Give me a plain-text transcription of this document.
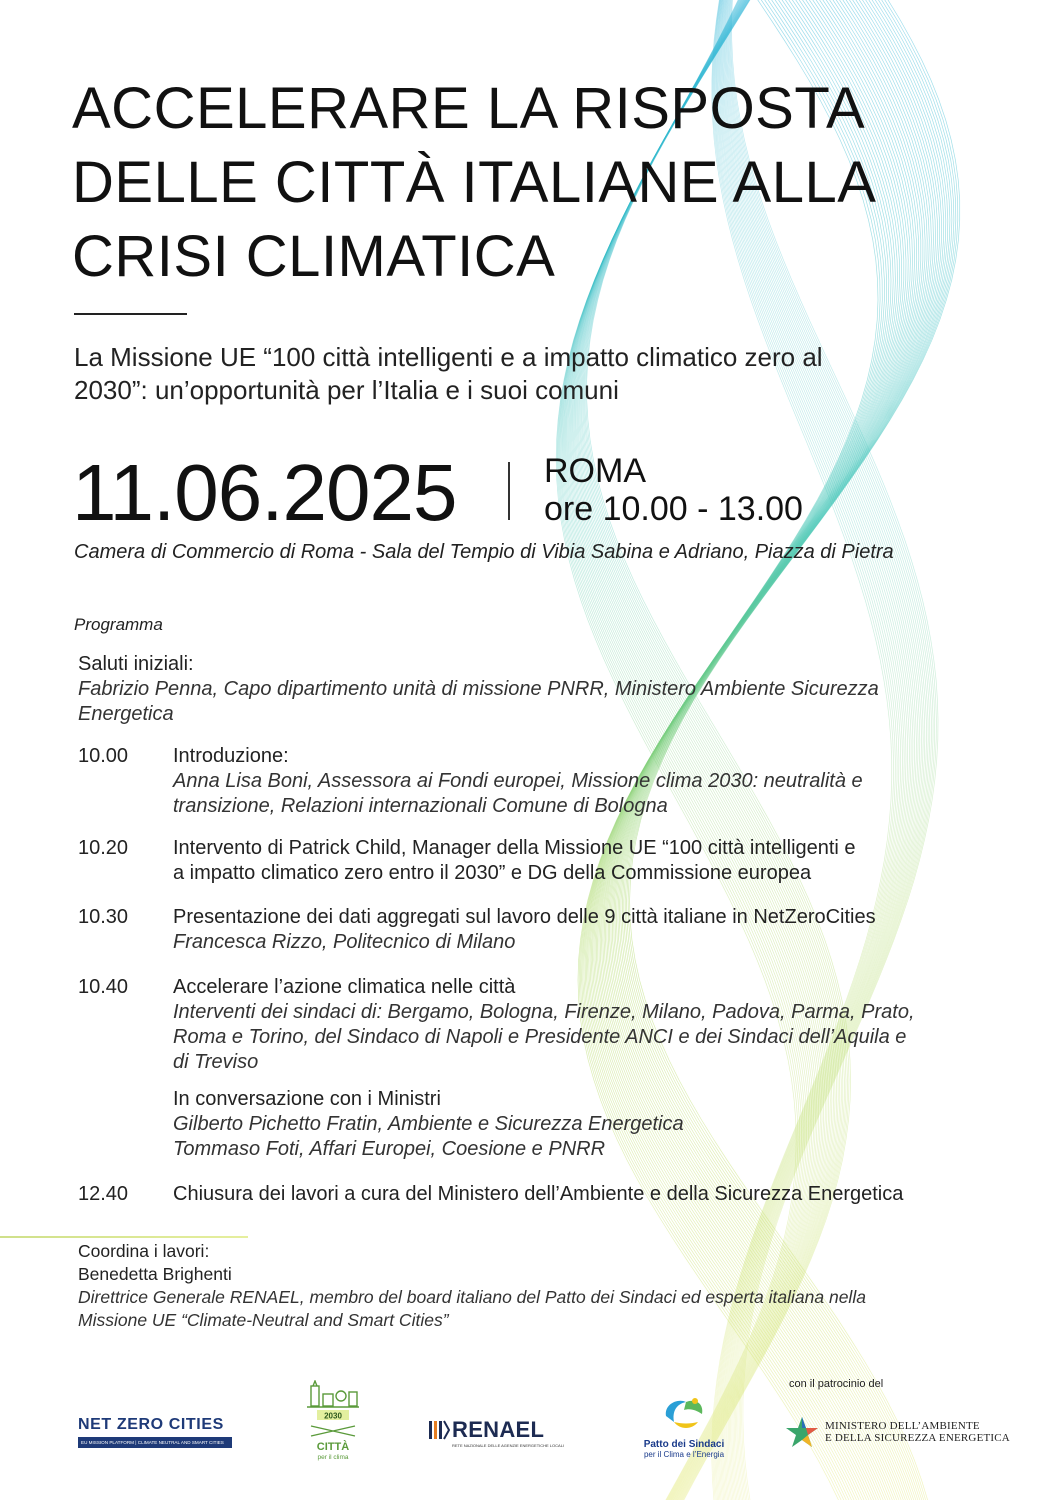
ACCELERARE LA RISPOSTA
DELLE CITTÀ ITALIANE ALLA
CRISI CLIMATICA

La Missione UE “100 città intelligenti e a impatto climatico zero al
2030”: un’opportunità per l’Italia e i suoi comuni

11.06.2025	ROMA
ore 10.00 - 13.00
Camera di Commercio di Roma - Sala del Tempio di Vibia Sabina e Adriano, Piazza di Pietra
Programma
Saluti iniziali:
Fabrizio Penna, Capo dipartimento unità di missione PNRR, Ministero Ambiente Sicurezza
Energetica
10.00	Introduzione:
Anna Lisa Boni, Assessora ai Fondi europei, Missione clima 2030: neutralità e
transizione, Relazioni internazionali Comune di Bologna
10.20	Intervento di Patrick Child, Manager della Missione UE “100 città intelligenti e
a impatto climatico zero entro il 2030” e DG della Commissione europea
10.30	Presentazione dei dati aggregati sul lavoro delle 9 città italiane in NetZeroCities
Francesca Rizzo, Politecnico di Milano
10.40	Accelerare l’azione climatica nelle città
Interventi dei sindaci di: Bergamo, Bologna, Firenze, Milano, Padova, Parma, Prato,
Roma e Torino, del Sindaco di Napoli e Presidente ANCI e dei Sindaci dell’Aquila e
di Treviso
In conversazione con i Ministri
Gilberto Pichetto Fratin, Ambiente e Sicurezza Energetica
Tommaso Foti, Affari Europei, Coesione e PNRR
12.40	Chiusura dei lavori a cura del Ministero dell’Ambiente e della Sicurezza Energetica
Coordina i lavori:
Benedetta Brighenti
Direttrice Generale RENAEL, membro del board italiano del Patto dei Sindaci ed esperta italiana nella
Missione UE “Climate-Neutral and Smart Cities”
con il patrocinio del
NET ZERO CITIES
EU MISSION PLATFORM | CLIMATE NEUTRAL AND SMART CITIES
2030
CITTÀ
per il clima
RENAEL
RETE NAZIONALE DELLE AGENZIE ENERGETICHE LOCALI	Patto dei Sindaci
per il Clima e l’Energia
MINISTERO DELL’AMBIENTE
E DELLA SICUREZZA ENERGETICA
